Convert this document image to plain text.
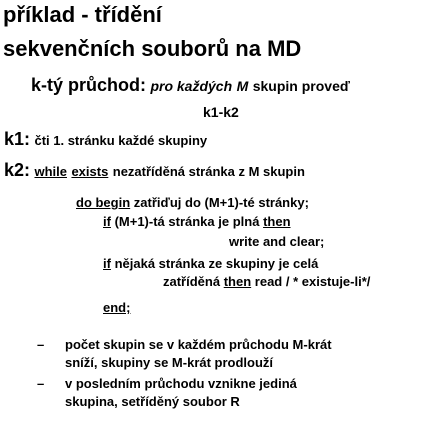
příklad - třídění
sekvenčních souborů na MD
k-tý průchod: pro každých M skupin proveď
k1-k2
k1: čti 1. stránku každé skupiny
k2: while exists nezatříděná stránka z M skupin
do begin zatřiďuj do (M+1)-té stránky;
if (M+1)-tá stránka je plná then
write and clear;
if nějaká stránka ze skupiny je celá
zatříděná then read / * existuje-li*/
end;
– počet skupin se v každém průchodu M-krát
sníží, skupiny se M-krát prodlouží
– v posledním průchodu vznikne jediná
skupina, setříděný soubor R
